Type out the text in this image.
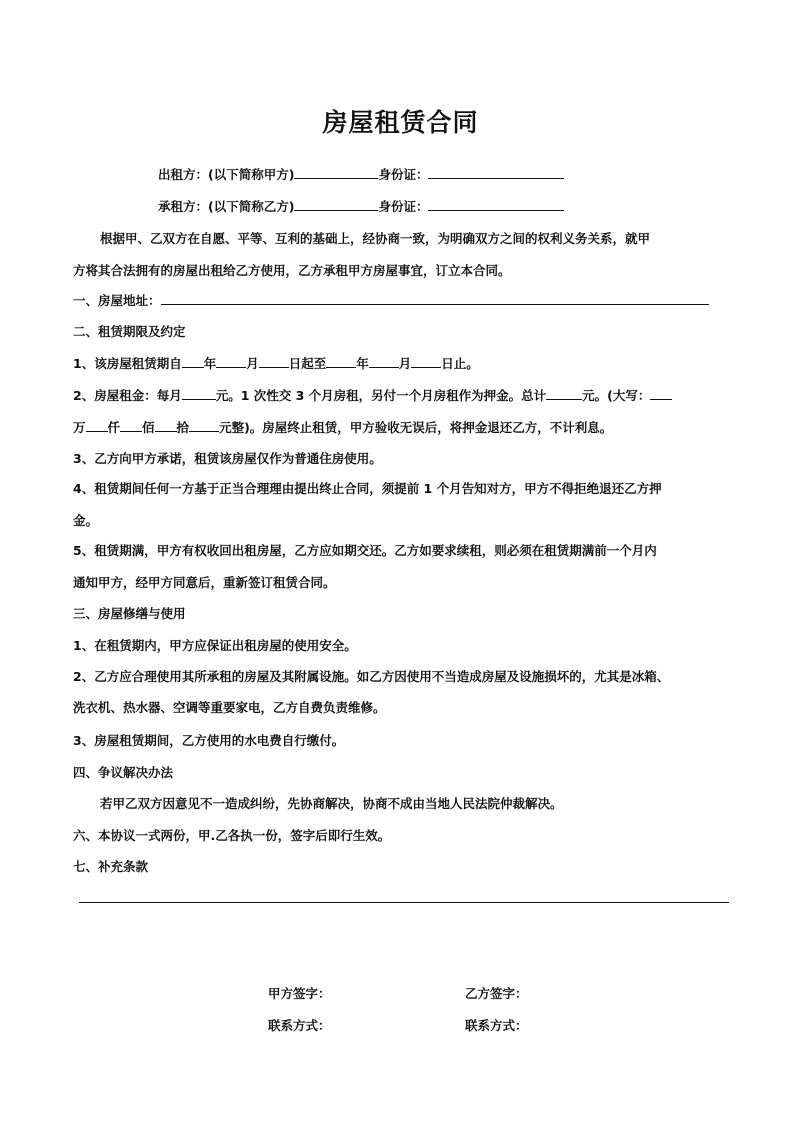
房屋租赁合同
出租方：(以下简称甲方)	身份证：
承租方：(以下简称乙方)	身份证：
根据甲、乙双方在自愿、平等、互利的基础上，经协商一致，为明确双方之间的权利义务关系，就甲
方将其合法拥有的房屋出租给乙方使用，乙方承租甲方房屋事宜，订立本合同。
一、房屋地址：
二、租赁期限及约定
1、该房屋租赁期自 年 月 日起至 年 月 日止。
2、房屋租金：每月	元。1 次性交 3 个月房租，另付一个月房租作为押金。总计	元。(大写：
万 仟 佰 拾 元整)。房屋终止租赁，甲方验收无误后，将押金退还乙方，不计利息。
3、乙方向甲方承诺，租赁该房屋仅作为普通住房使用。
4、租赁期间任何一方基于正当合理理由提出终止合同，须提前 1 个月告知对方，甲方不得拒绝退还乙方押
金。
5、租赁期满，甲方有权收回出租房屋，乙方应如期交还。乙方如要求续租，则必须在租赁期满前一个月内
通知甲方，经甲方同意后，重新签订租赁合同。
三、房屋修缮与使用
1、在租赁期内，甲方应保证出租房屋的使用安全。
2、乙方应合理使用其所承租的房屋及其附属设施。如乙方因使用不当造成房屋及设施损坏的，尤其是冰箱、
洗衣机、热水器、空调等重要家电，乙方自费负责维修。
3、房屋租赁期间，乙方使用的水电费自行缴付。
四、争议解决办法
若甲乙双方因意见不一造成纠纷，先协商解决，协商不成由当地人民法院仲裁解决。
六、本协议一式两份，甲.乙各执一份，签字后即行生效。
七、补充条款
甲方签字：	乙方签字：
联系方式：	联系方式：
